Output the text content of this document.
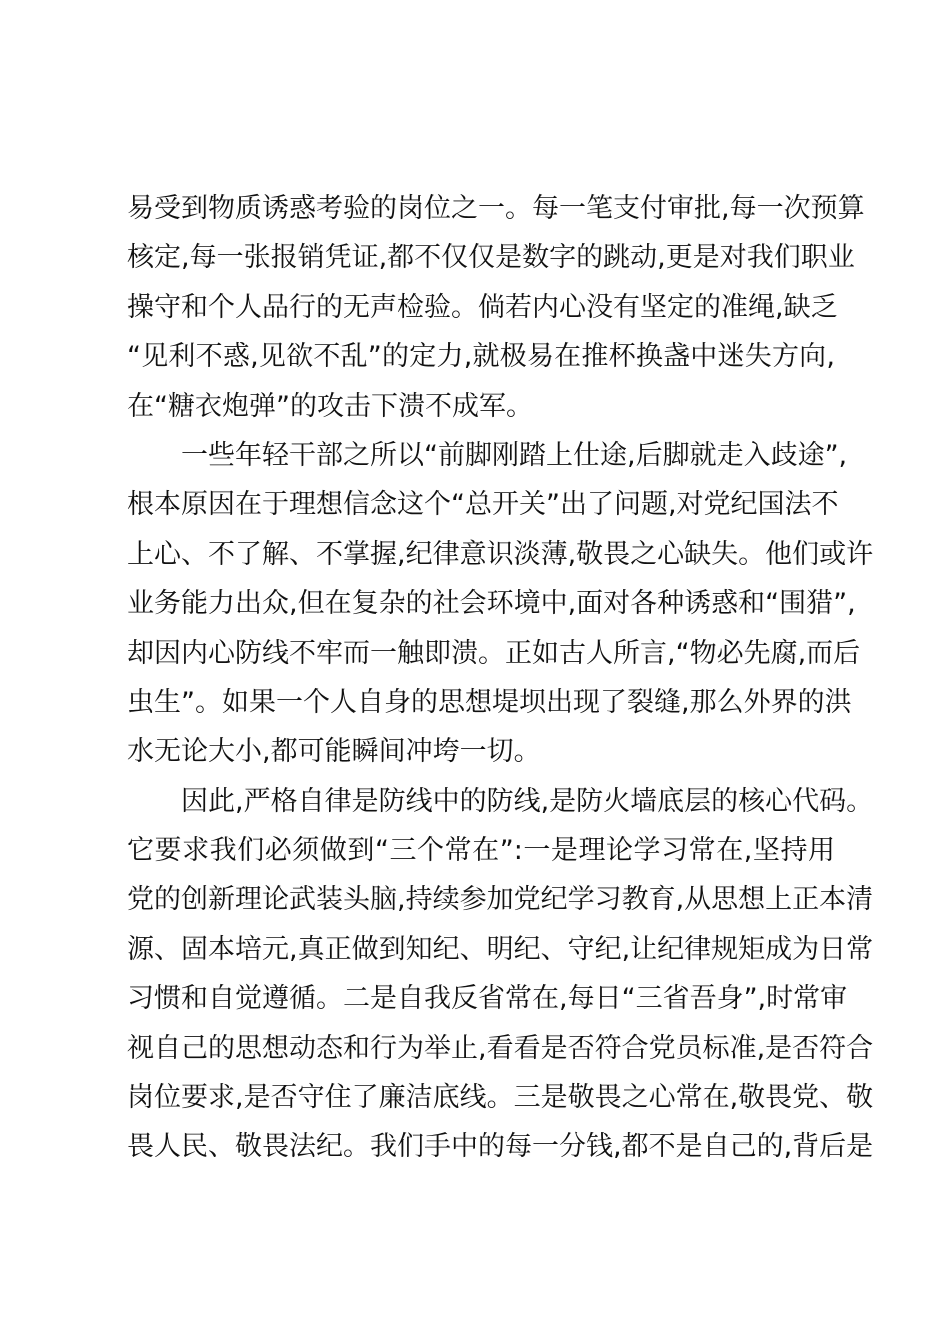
易受到物质诱惑考验的岗位之一。每一笔支付审批,每一次预算
核定,每一张报销凭证,都不仅仅是数字的跳动,更是对我们职业
操守和个人品行的无声检验。倘若内心没有坚定的准绳,缺乏
“见利不惑,见欲不乱”的定力,就极易在推杯换盏中迷失方向,
在“糖衣炮弹”的攻击下溃不成军。
一些年轻干部之所以“前脚刚踏上仕途,后脚就走入歧途”,
根本原因在于理想信念这个“总开关”出了问题,对党纪国法不
上心、不了解、不掌握,纪律意识淡薄,敬畏之心缺失。他们或许
业务能力出众,但在复杂的社会环境中,面对各种诱惑和“围猎”,
却因内心防线不牢而一触即溃。正如古人所言,“物必先腐,而后
虫生”。如果一个人自身的思想堤坝出现了裂缝,那么外界的洪
水无论大小,都可能瞬间冲垮一切。
因此,严格自律是防线中的防线,是防火墙底层的核心代码。
它要求我们必须做到“三个常在”:一是理论学习常在,坚持用
党的创新理论武装头脑,持续参加党纪学习教育,从思想上正本清
源、固本培元,真正做到知纪、明纪、守纪,让纪律规矩成为日常
习惯和自觉遵循。二是自我反省常在,每日“三省吾身”,时常审
视自己的思想动态和行为举止,看看是否符合党员标准,是否符合
岗位要求,是否守住了廉洁底线。三是敬畏之心常在,敬畏党、敬
畏人民、敬畏法纪。我们手中的每一分钱,都不是自己的,背后是
